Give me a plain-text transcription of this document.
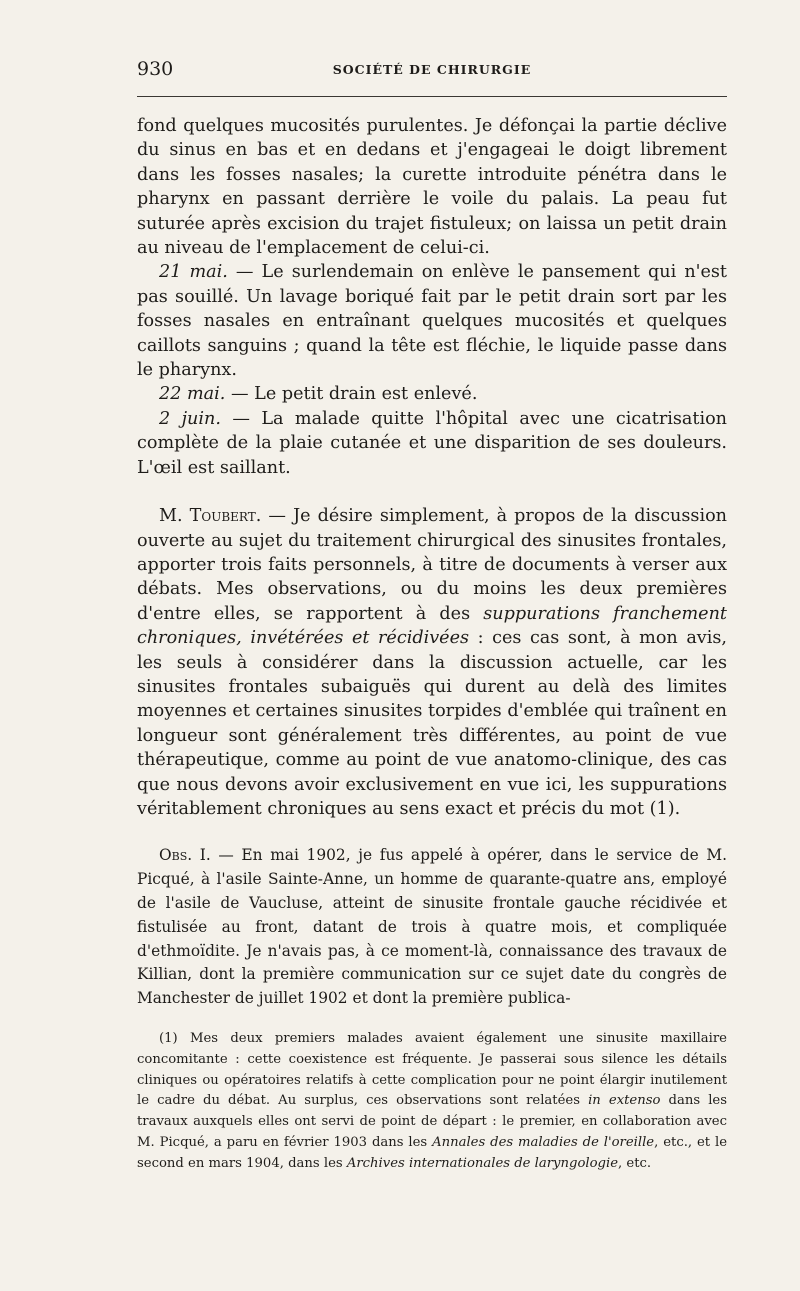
930	SOCIÉTÉ DE CHIRURGIE

fond quelques mucosités purulentes. Je défonçai la partie déclive du sinus en bas et en dedans et j'engageai le doigt librement dans les fosses nasales; la curette introduite pénétra dans le pharynx en passant derrière le voile du palais. La peau fut suturée après excision du trajet fistuleux; on laissa un petit drain au niveau de l'emplacement de celui-ci.

21 mai. — Le surlendemain on enlève le pansement qui n'est pas souillé. Un lavage boriqué fait par le petit drain sort par les fosses nasales en entraînant quelques mucosités et quelques caillots sanguins ; quand la tête est fléchie, le liquide passe dans le pharynx.

22 mai. — Le petit drain est enlevé.

2 juin. — La malade quitte l'hôpital avec une cicatrisation complète de la plaie cutanée et une disparition de ses douleurs. L'œil est saillant.

M. Toubert. — Je désire simplement, à propos de la discussion ouverte au sujet du traitement chirurgical des sinusites frontales, apporter trois faits personnels, à titre de documents à verser aux débats. Mes observations, ou du moins les deux premières d'entre elles, se rapportent à des suppurations franchement chroniques, invétérées et récidivées : ces cas sont, à mon avis, les seuls à considérer dans la discussion actuelle, car les sinusites frontales subaiguës qui durent au delà des limites moyennes et certaines sinusites torpides d'emblée qui traînent en longueur sont généralement très différentes, au point de vue thérapeutique, comme au point de vue anatomo-clinique, des cas que nous devons avoir exclusivement en vue ici, les suppurations véritablement chroniques au sens exact et précis du mot (1).

Obs. I. — En mai 1902, je fus appelé à opérer, dans le service de M. Picqué, à l'asile Sainte-Anne, un homme de quarante-quatre ans, employé de l'asile de Vaucluse, atteint de sinusite frontale gauche récidivée et fistulisée au front, datant de trois à quatre mois, et compliquée d'ethmoïdite. Je n'avais pas, à ce moment-là, connaissance des travaux de Killian, dont la première communication sur ce sujet date du congrès de Manchester de juillet 1902 et dont la première publica-

(1) Mes deux premiers malades avaient également une sinusite maxillaire concomitante : cette coexistence est fréquente. Je passerai sous silence les détails cliniques ou opératoires relatifs à cette complication pour ne point élargir inutilement le cadre du débat. Au surplus, ces observations sont relatées in extenso dans les travaux auxquels elles ont servi de point de départ : le premier, en collaboration avec M. Picqué, a paru en février 1903 dans les Annales des maladies de l'oreille, etc., et le second en mars 1904, dans les Archives internationales de laryngologie, etc.
